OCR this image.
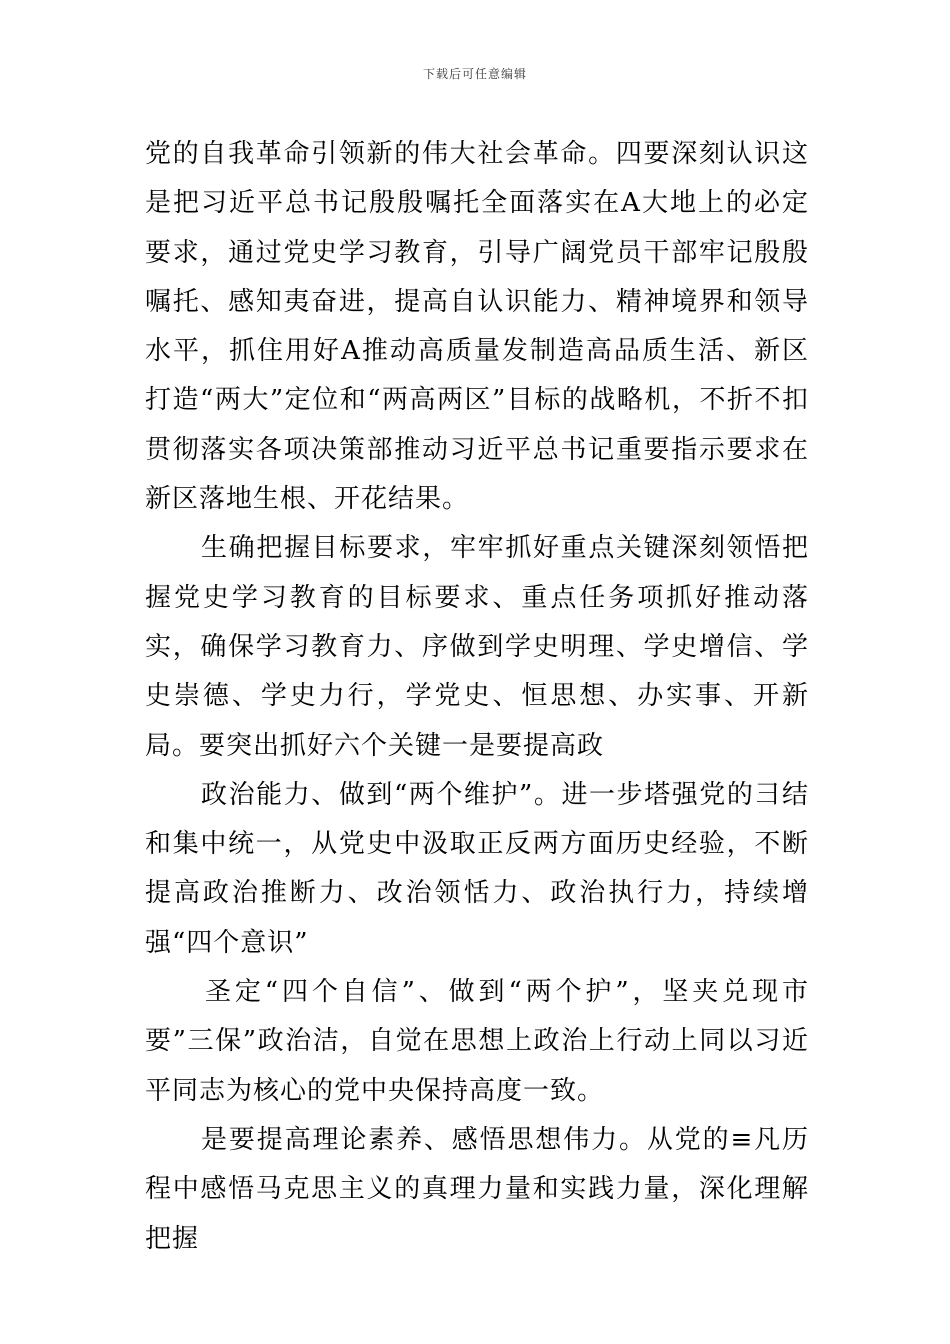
下载后可任意编辑

党的自我革命引领新的伟大社会革命。四要深刻认识这是把习近平总书记殷殷嘱托全面落实在A大地上的必定要求，通过党史学习教育，引导广阔党员干部牢记殷殷嘱托、感知夷奋进，提高自认识能力、精神境界和领导水平，抓住用好A推动高质量发制造高品质生活、新区打造“两大”定位和“两高两区”目标的战略机，不折不扣贯彻落实各项决策部推动习近平总书记重要指示要求在新区落地生根、开花结果。

生确把握目标要求，牢牢抓好重点关键深刻领悟把握党史学习教育的目标要求、重点任务项抓好推动落实，确保学习教育力、序做到学史明理、学史增信、学史崇德、学史力行，学党史、恒思想、办实事、开新局。要突出抓好六个关键一是要提高政

政治能力、做到“两个维护”。进一步塔强党的彐结和集中统一，从党史中汲取正反两方面历史经验，不断提高政治推断力、改治领恬力、政治执行力，持续增强“四个意识”

圣定“四个自信”、做到“两个护”，坚夹兑现市要”三保”政治洁，自觉在思想上政治上行动上同以习近平同志为核心的党中央保持高度一致。

是要提高理论素养、感悟思想伟力。从党的≡凡历程中感悟马克思主义的真理力量和实践力量，深化理解把握
